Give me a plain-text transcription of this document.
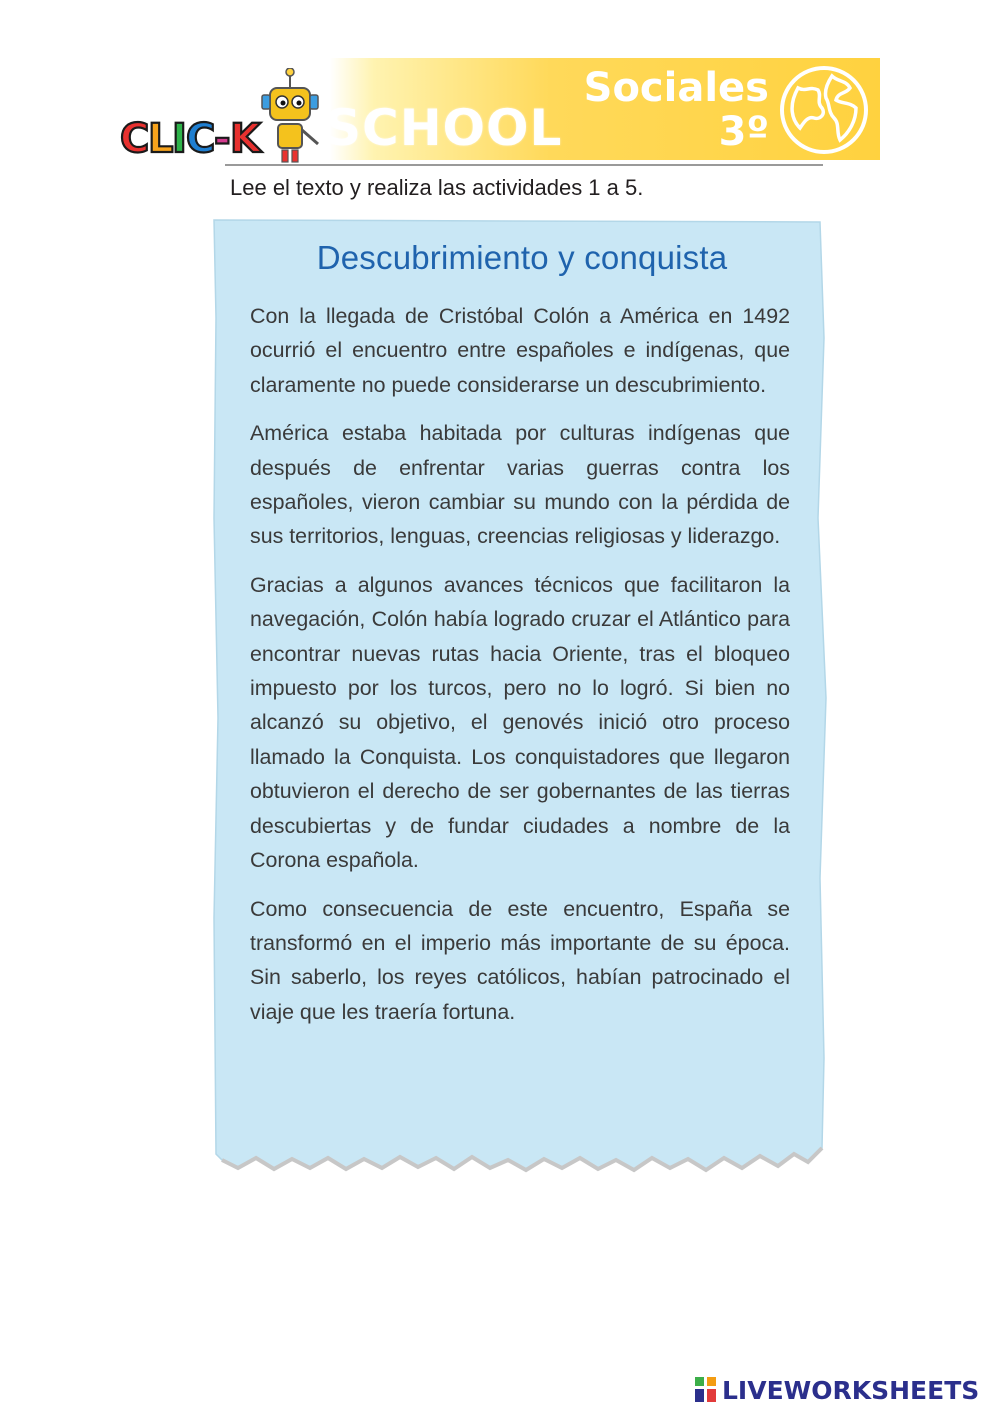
C
L
I C
- K SCHOOL
Sociales
3º
Lee el texto y realiza las actividades 1 a 5.
Descubrimiento y conquista

Con la llegada de Cristóbal Colón a América en 1492 ocurrió el encuentro entre españoles e indígenas, que claramente no puede considerarse un descubrimiento.

América estaba habitada por culturas indígenas que después de enfrentar varias guerras contra los españoles, vieron cambiar su mundo con la pérdida de sus territorios, lenguas, creencias religiosas y liderazgo.

Gracias a algunos avances técnicos que facilitaron la navegación, Colón había logrado cruzar el Atlántico para encontrar nuevas rutas hacia Oriente, tras el bloqueo impuesto por los turcos, pero no lo logró. Si bien no alcanzó su objetivo, el genovés inició otro proceso llamado la Conquista. Los conquistadores que llegaron obtuvieron el derecho de ser gobernantes de las tierras descubiertas y de fundar ciudades a nombre de la Corona española.

Como consecuencia de este encuentro, España se transformó en el imperio más importante de su época. Sin saberlo, los reyes católicos, habían patrocinado el viaje que les traería fortuna.

LIVEWORKSHEETS
